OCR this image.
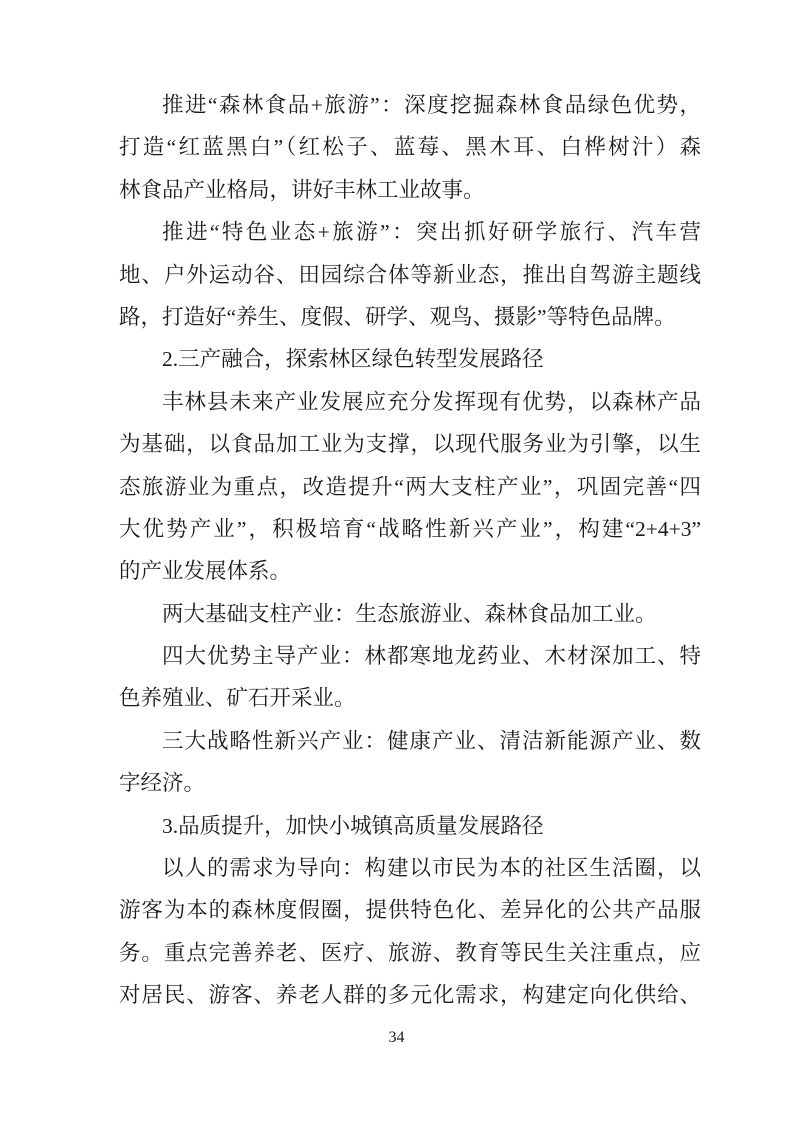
推进“森林食品+旅游”：深度挖掘森林食品绿色优势，
打造“红蓝黑白”（红松子、蓝莓、黑木耳、白桦树汁）森
林食品产业格局，讲好丰林工业故事。
推进“特色业态+旅游”：突出抓好研学旅行、汽车营
地、户外运动谷、田园综合体等新业态，推出自驾游主题线
路，打造好“养生、度假、研学、观鸟、摄影”等特色品牌。
2.三产融合，探索林区绿色转型发展路径
丰林县未来产业发展应充分发挥现有优势，以森林产品
为基础，以食品加工业为支撑，以现代服务业为引擎，以生
态旅游业为重点，改造提升“两大支柱产业”，巩固完善“四
大优势产业”，积极培育“战略性新兴产业”，构建“2+4+3”
的产业发展体系。
两大基础支柱产业：生态旅游业、森林食品加工业。
四大优势主导产业：林都寒地龙药业、木材深加工、特
色养殖业、矿石开采业。
三大战略性新兴产业：健康产业、清洁新能源产业、数
字经济。
3.品质提升，加快小城镇高质量发展路径
以人的需求为导向：构建以市民为本的社区生活圈，以
游客为本的森林度假圈，提供特色化、差异化的公共产品服
务。重点完善养老、医疗、旅游、教育等民生关注重点，应
对居民、游客、养老人群的多元化需求，构建定向化供给、
34
